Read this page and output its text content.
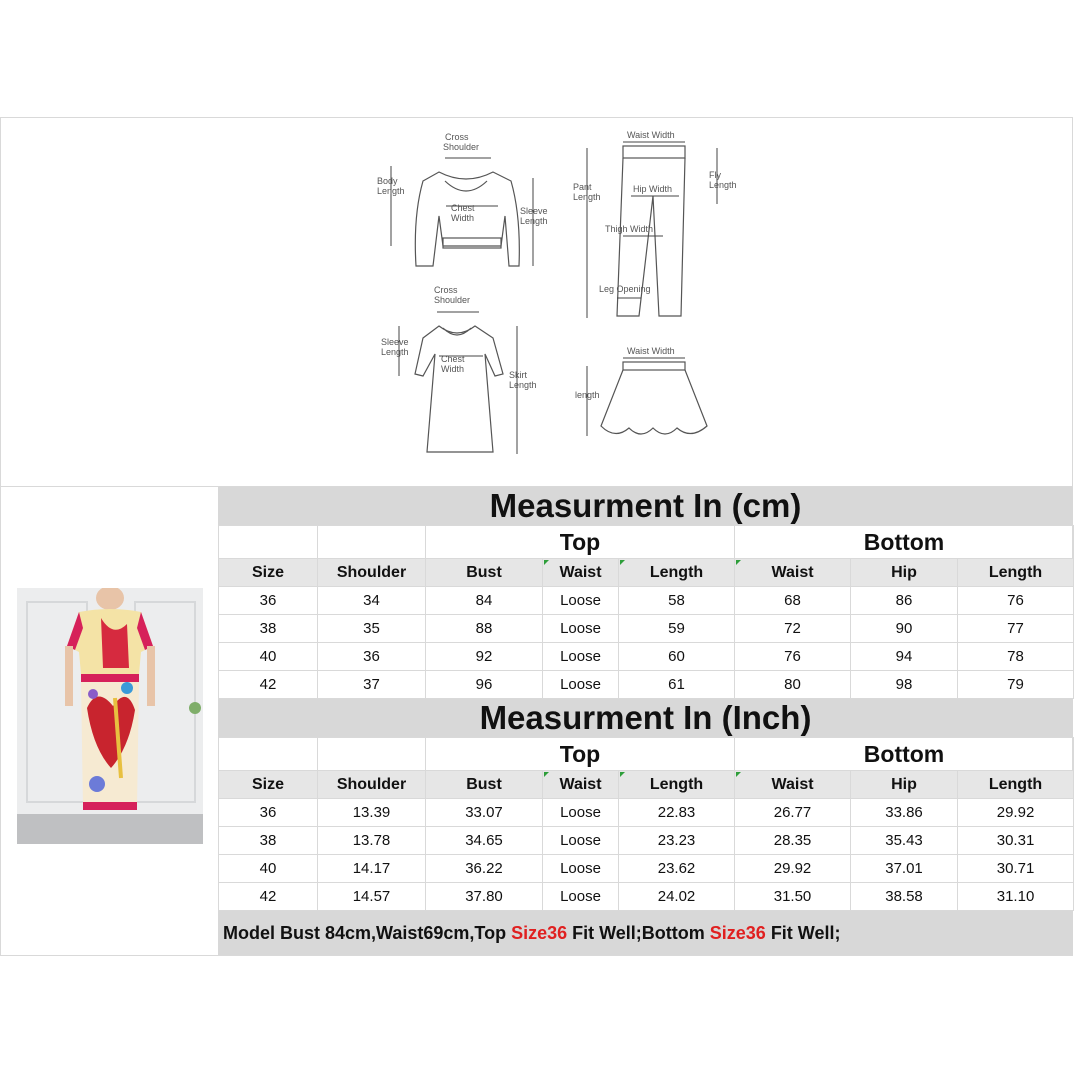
Cross
Shoulder
Body
Length
Chest
Width
Sleeve
Length
Waist Width
Pant
Length
Hip Width
Fly
Length
Thigh Width
Leg Opening
Cross
Shoulder
Sleeve
Length
Chest
Width
Skirt
Length
Waist Width
length
Measurment In (cm)
		Top			Bottom		
Size	Shoulder	Bust	Waist	Length	Waist	Hip	Length
36	34	84	Loose	58	68	86	76
38	35	88	Loose	59	72	90	77
40	36	92	Loose	60	76	94	78
42	37	96	Loose	61	80	98	79
Measurment In (Inch)
		Top			Bottom		
Size	Shoulder	Bust	Waist	Length	Waist	Hip	Length
36	13.39	33.07	Loose	22.83	26.77	33.86	29.92
38	13.78	34.65	Loose	23.23	28.35	35.43	30.31
40	14.17	36.22	Loose	23.62	29.92	37.01	30.71
42	14.57	37.80	Loose	24.02	31.50	38.58	31.10
Model Bust 84cm,Waist69cm,Top Size36 Fit Well;Bottom Size36 Fit Well;
